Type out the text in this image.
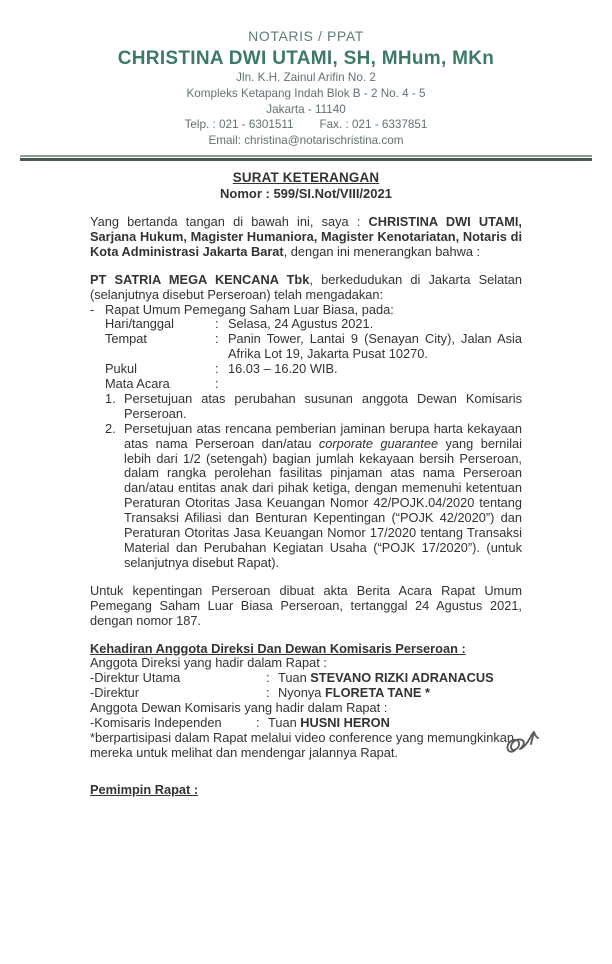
NOTARIS / PPAT
CHRISTINA DWI UTAMI, SH, MHum, MKn
Jln. K.H. Zainul Arifin No. 2
Kompleks Ketapang Indah Blok B - 2 No. 4 - 5
Jakarta - 11140
Telp. : 021 - 6301511 Fax. : 021 - 6337851
Email: christina@notarischristina.com
SURAT KETERANGAN
Nomor : 599/SI.Not/VIII/2021

Yang bertanda tangan di bawah ini, saya : CHRISTINA DWI UTAMI, Sarjana Hukum, Magister Humaniora, Magister Kenotariatan, Notaris di Kota Administrasi Jakarta Barat, dengan ini menerangkan bahwa :

PT SATRIA MEGA KENCANA Tbk, berkedudukan di Jakarta Selatan (selanjutnya disebut Perseroan) telah mengadakan:

- Rapat Umum Pemegang Saham Luar Biasa, pada:
Hari/tanggal	: Selasa, 24 Agustus 2021.
Tempat	: Panin Tower, Lantai 9 (Senayan City), Jalan Asia Afrika Lot 19, Jakarta Pusat 10270.
Pukul	: 16.03 – 16.20 WIB.
Mata Acara	:
1. Persetujuan atas perubahan susunan anggota Dewan Komisaris Perseroan.
2. Persetujuan atas rencana pemberian jaminan berupa harta kekayaan atas nama Perseroan dan/atau corporate guarantee yang bernilai lebih dari 1/2 (setengah) bagian jumlah kekayaan bersih Perseroan, dalam rangka perolehan fasilitas pinjaman atas nama Perseroan dan/atau entitas anak dari pihak ketiga, dengan memenuhi ketentuan Peraturan Otoritas Jasa Keuangan Nomor 42/POJK.04/2020 tentang Transaksi Afiliasi dan Benturan Kepentingan (“POJK 42/2020”) dan Peraturan Otoritas Jasa Keuangan Nomor 17/2020 tentang Transaksi Material dan Perubahan Kegiatan Usaha (“POJK 17/2020”). (untuk selanjutnya disebut Rapat).

Untuk kepentingan Perseroan dibuat akta Berita Acara Rapat Umum Pemegang Saham Luar Biasa Perseroan, tertanggal 24 Agustus 2021, dengan nomor 187.

Kehadiran Anggota Direksi Dan Dewan Komisaris Perseroan :

Anggota Direksi yang hadir dalam Rapat :

-Direktur Utama	: Tuan STEVANO RIZKI ADRANACUS
-Direktur	: Nyonya FLORETA TANE *

Anggota Dewan Komisaris yang hadir dalam Rapat :

-Komisaris Independen	: Tuan HUSNI HERON

*berpartisipasi dalam Rapat melalui video conference yang memungkinkan mereka untuk melihat dan mendengar jalannya Rapat.

Pemimpin Rapat :
